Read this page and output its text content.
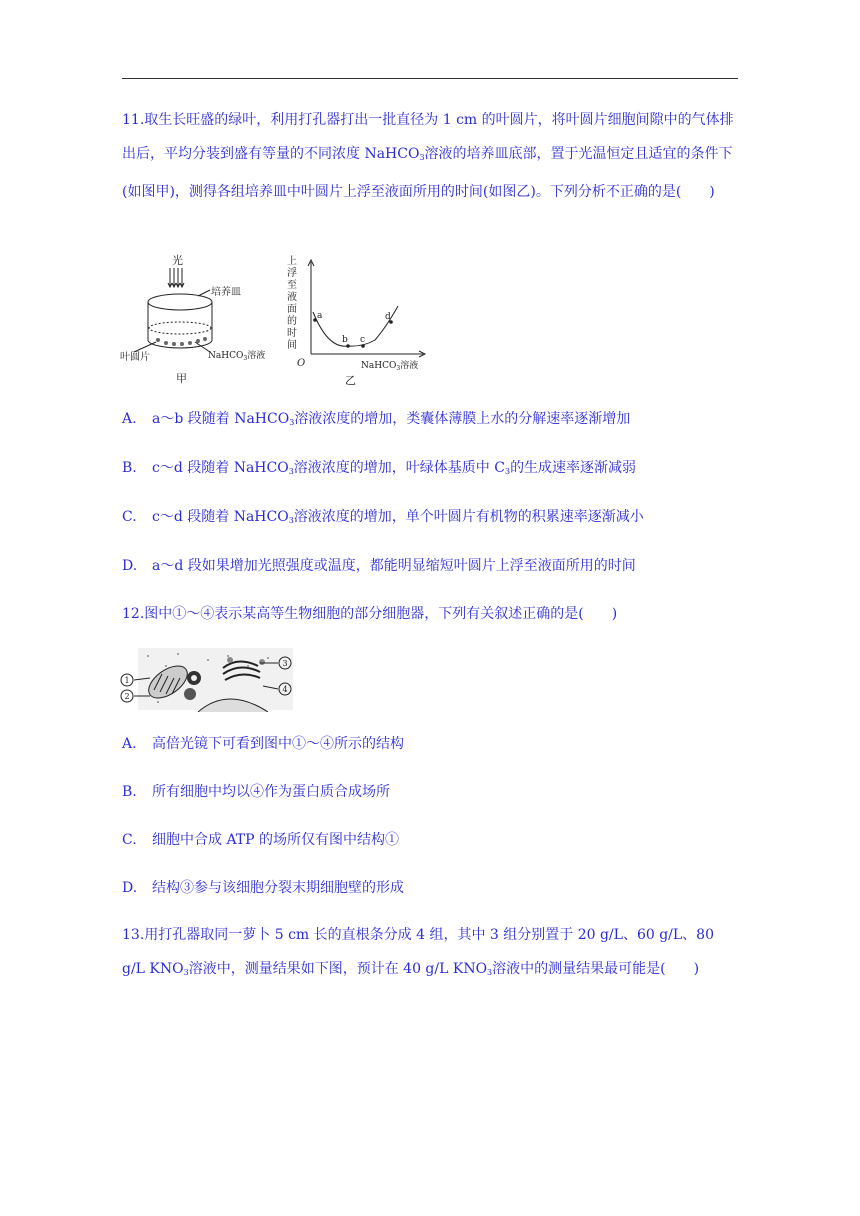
11.取生长旺盛的绿叶，利用打孔器打出一批直径为 1 cm 的叶圆片，将叶圆片细胞间隙中的气体排出后，平均分装到盛有等量的不同浓度 NaHCO$_3$溶液的培养皿底部，置于光温恒定且适宜的条件下(如图甲)，测得各组培养皿中叶圆片上浮至液面所用的时间(如图乙)。下列分析不正确的是(　　)
光
培养皿
NaHCO$_3$溶液
叶圆片
甲
上
浮
至
液
面
的
时
间
a
b c
d
O	NaHCO$_3$溶液
乙
A. a～b 段随着 NaHCO$_3$溶液浓度的增加，类囊体薄膜上水的分解速率逐渐增加
B. c～d 段随着 NaHCO$_3$溶液浓度的增加，叶绿体基质中 $C_3$的生成速率逐渐减弱
C. c～d 段随着 NaHCO$_3$溶液浓度的增加，单个叶圆片有机物的积累速率逐渐减小
D. a～d 段如果增加光照强度或温度，都能明显缩短叶圆片上浮至液面所用的时间
12.图中①～④表示某高等生物细胞的部分细胞器，下列有关叙述正确的是(　　)
1
2
3
4
A. 高倍光镜下可看到图中①～④所示的结构
B. 所有细胞中均以④作为蛋白质合成场所
C. 细胞中合成 ATP 的场所仅有图中结构①
D. 结构③参与该细胞分裂末期细胞壁的形成
13.用打孔器取同一萝卜 5 cm 长的直根条分成 4 组，其中 3 组分别置于 20 g/L、60 g/L、80　g/L $KNO_3$溶液中，测量结果如下图，预计在 40 g/L $KNO_3$溶液中的测量结果最可能是(　　)
